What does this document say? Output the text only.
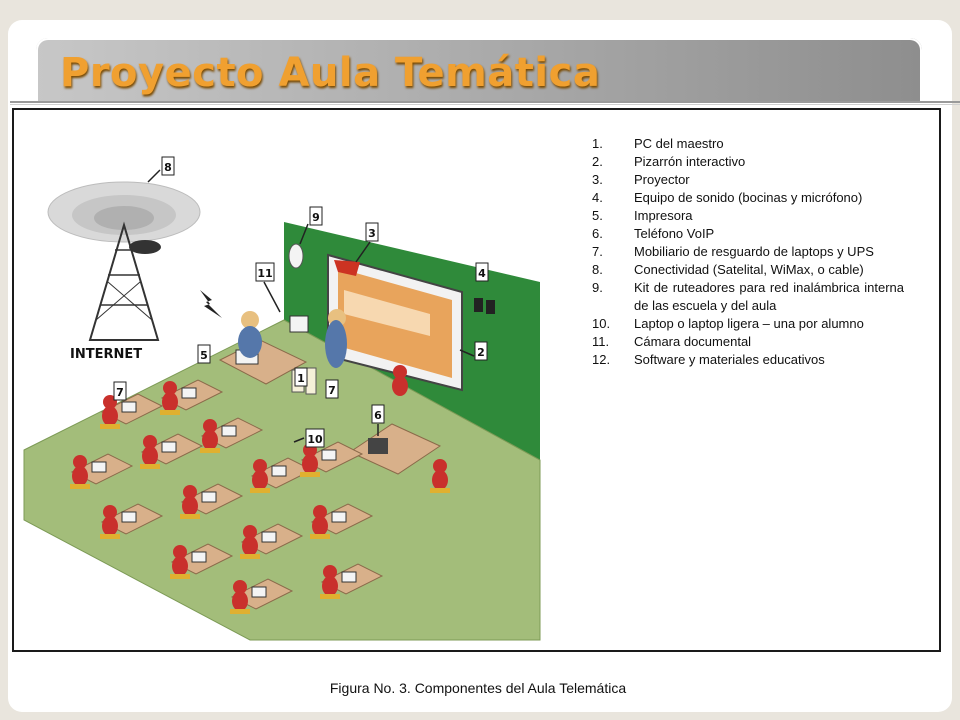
Proyecto Aula Temática
INTERNET
8
9
3
11	4
5
1
7
2
7
6
10
1.	PC del maestro
2.	Pizarrón interactivo
3.	Proyector
4.	Equipo de sonido (bocinas y micrófono)
5.	Impresora
6.	Teléfono VoIP
7.	Mobiliario de resguardo de laptops y UPS
8.	Conectividad (Satelital, WiMax, o cable)
9.	Kit de ruteadores para red inalámbrica interna de las escuela y del aula
10.	Laptop o laptop ligera – una por alumno
11.	Cámara documental
12.	Software y materiales educativos
Figura No. 3. Componentes del Aula Telemática
